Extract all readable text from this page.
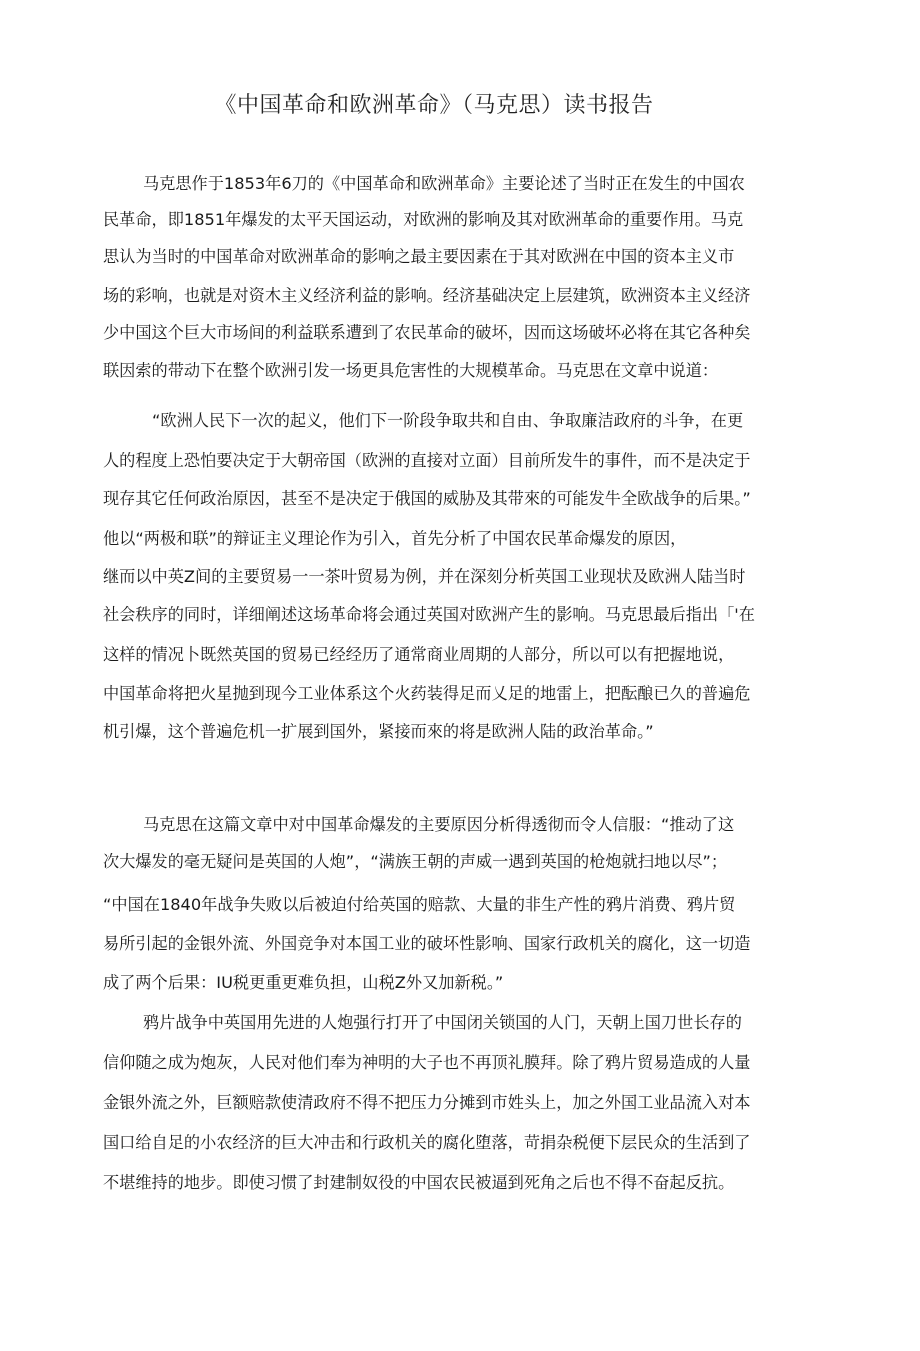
《中国革命和欧洲革命》（马克思）读书报告
马克思作于1853年6刀的《中国革命和欧洲革命》主要论述了当时正在发生的中国农
民革命，即1851年爆发的太平天国运动，对欧洲的影响及其对欧洲革命的重要作用。马克
思认为当时的中国革命对欧洲革命的影响之最主要因素在于其对欧洲在中国的资本主义市
场的彩响，也就是对资木主义经济利益的影响。经济基础决定上层建筑，欧洲资本主义经济
少中国这个巨大市场间的利益联系遭到了农民革命的破坏，因而这场破坏必将在其它各种矣
联因索的带动下在整个欧洲引发一场更具危害性的大规模革命。马克思在文章中说道：
“欧洲人民下一次的起义，他们下一阶段争取共和自由、争取廉洁政府的斗争，在更
人的程度上恐怕要决定于大朝帝国（欧洲的直接对立面）目前所发牛的事件，而不是决定于
现存其它任何政治原因，甚至不是决定于俄国的威胁及其带來的可能发牛全欧战争的后果。”
他以“两极和联”的辩证主义理论作为引入，首先分析了中国农民革命爆发的原因，
继而以中英Z间的主要贸易一一茶叶贸易为例，并在深刻分析英国工业现状及欧洲人陆当时
社会秩序的同时，详细阐述这场革命将会通过英国对欧洲产生的影响。马克思最后指出「'在
这样的情况卜既然英国的贸易已经经历了通常商业周期的人部分，所以可以有把握地说，
中国革命将把火星抛到现今工业体系这个火药装得足而乂足的地雷上，把酝酿已久的普遍危
机引爆，这个普遍危机一扩展到国外，紧接而來的将是欧洲人陆的政治革命。”
马克思在这篇文章中对中国革命爆发的主要原因分析得透彻而令人信服：“推动了这
次大爆发的毫无疑问是英国的人炮”，“满族王朝的声威一遇到英国的枪炮就扫地以尽”；
“中国在1840年战争失败以后被迫付给英国的赔款、大量的非生产性的鸦片消费、鸦片贸
易所引起的金银外流、外国竞争对本国工业的破坏性影响、国家行政机关的腐化，这一切造
成了两个后果：IU税更重更难负担，山税Z外又加新税。”
鸦片战争中英国用先进的人炮强行打开了中国闭关锁国的人门，天朝上国刀世长存的
信仰随之成为炮灰，人民对他们奉为神明的大子也不再顶礼膜拜。除了鸦片贸易造成的人量
金银外流之外，巨额赔款使清政府不得不把压力分摊到市姓头上，加之外国工业品流入对本
国口给自足的小农经济的巨大冲击和行政机关的腐化堕落，苛捐杂税便下层民众的生活到了
不堪维持的地步。即使习惯了封建制奴役的中国农民被逼到死角之后也不得不奋起反抗。
